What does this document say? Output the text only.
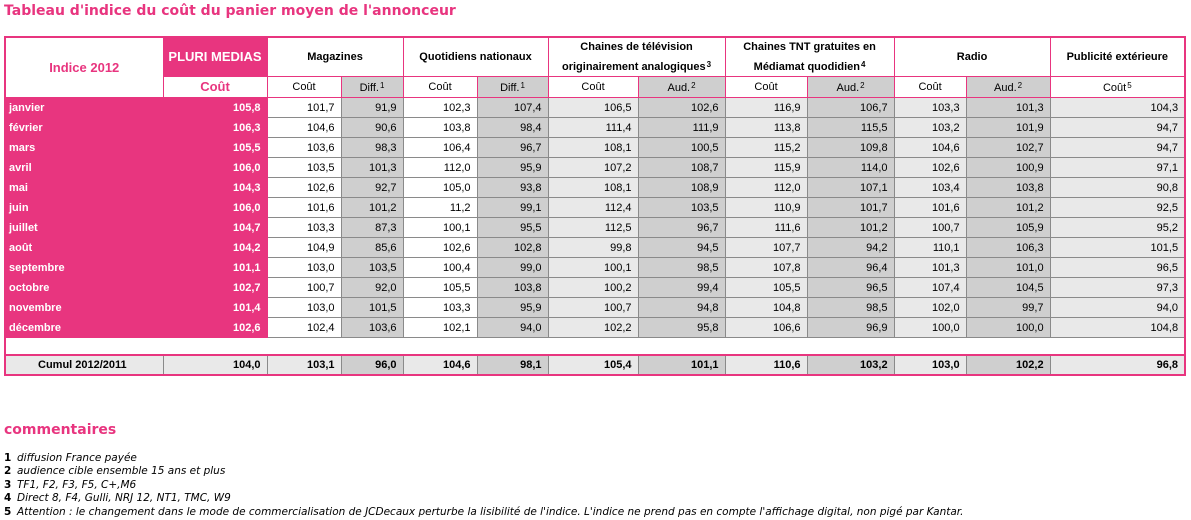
Tableau d'indice du coût du panier moyen de l'annonceur
Indice 2012	PLURI MEDIAS	Magazines		Quotidiens nationaux		Chaines de télévision originairement analogiques$^3$		Chaines TNT gratuites en Médiamat quodidien$^4$		Radio		Publicité extérieure
	Coût	Coût	Diff.$^1$	Coût	Diff.$^1$	Coût	Aud.$^2$	Coût	Aud.$^2$	Coût	Aud.$^2$	Coût$^5$
janvier	105,8	101,7	91,9	102,3	107,4	106,5	102,6	116,9	106,7	103,3	101,3	104,3
février	106,3	104,6	90,6	103,8	98,4	111,4	111,9	113,8	115,5	103,2	101,9	94,7
mars	105,5	103,6	98,3	106,4	96,7	108,1	100,5	115,2	109,8	104,6	102,7	94,7
avril	106,0	103,5	101,3	112,0	95,9	107,2	108,7	115,9	114,0	102,6	100,9	97,1
mai	104,3	102,6	92,7	105,0	93,8	108,1	108,9	112,0	107,1	103,4	103,8	90,8
juin	106,0	101,6	101,2	11,2	99,1	112,4	103,5	110,9	101,7	101,6	101,2	92,5
juillet	104,7	103,3	87,3	100,1	95,5	112,5	96,7	111,6	101,2	100,7	105,9	95,2
août	104,2	104,9	85,6	102,6	102,8	99,8	94,5	107,7	94,2	110,1	106,3	101,5
septembre	101,1	103,0	103,5	100,4	99,0	100,1	98,5	107,8	96,4	101,3	101,0	96,5
octobre	102,7	100,7	92,0	105,5	103,8	100,2	99,4	105,5	96,5	107,4	104,5	97,3
novembre	101,4	103,0	101,5	103,3	95,9	100,7	94,8	104,8	98,5	102,0	99,7	94,0
décembre	102,6	102,4	103,6	102,1	94,0	102,2	95,8	106,6	96,9	100,0	100,0	104,8

Cumul 2012/2011	104,0	103,1	96,0	104,6	98,1	105,4	101,1	110,6	103,2	103,0	102,2	96,8
commentaires
1 diffusion France payée
2 audience cible ensemble 15 ans et plus
3 TF1, F2, F3, F5, C+,M6
4 Direct 8, F4, Gulli, NRJ 12, NT1, TMC, W9
5 Attention : le changement dans le mode de commercialisation de JCDecaux perturbe la lisibilité de l'indice. L'indice ne prend pas en compte l'affichage digital, non pigé par Kantar.
